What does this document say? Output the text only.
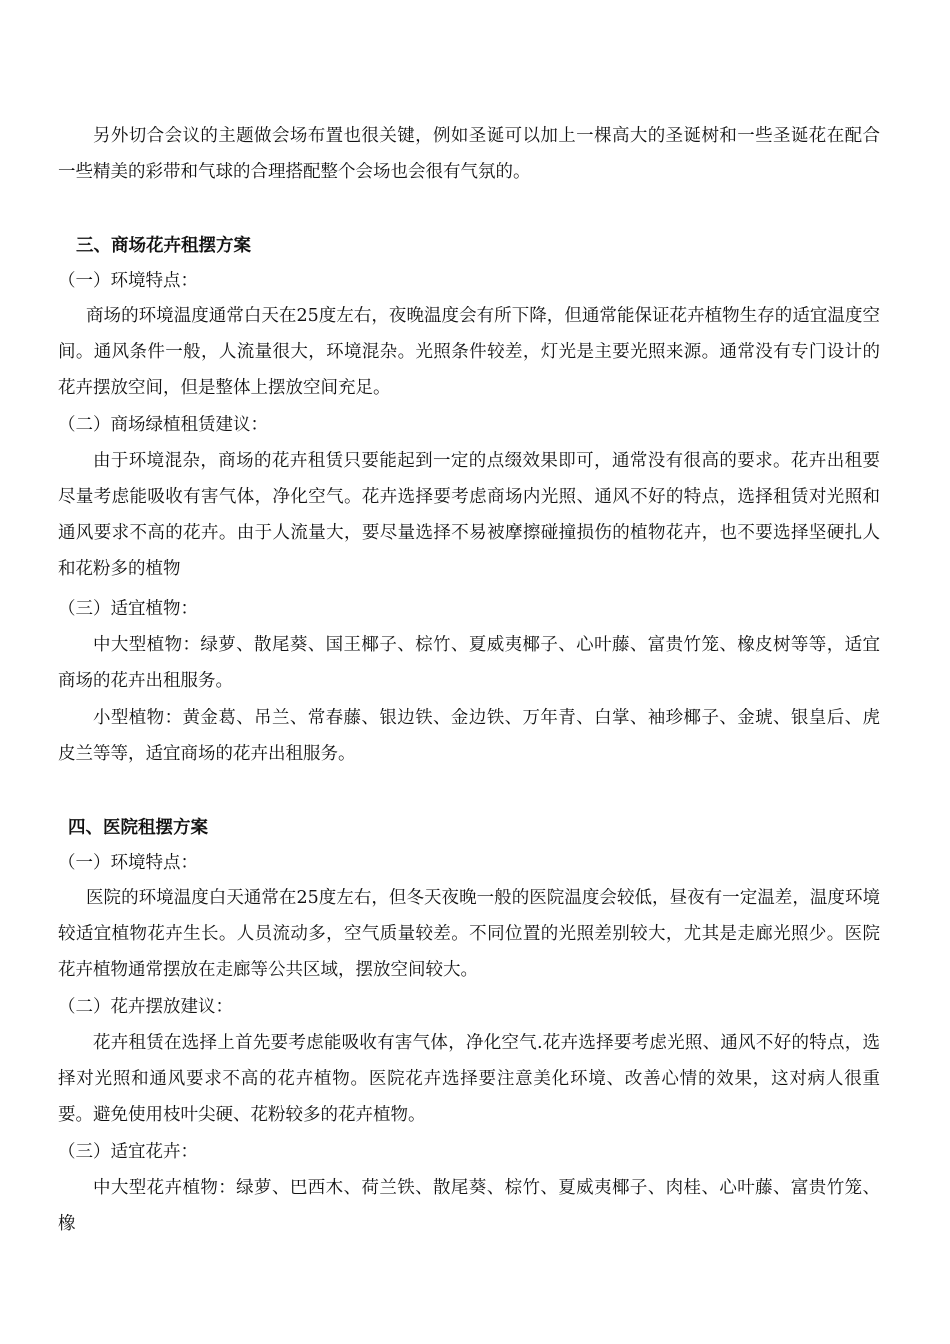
另外切合会议的主题做会场布置也很关键，例如圣诞可以加上一棵高大的圣诞树和一些圣诞花在配合一些精美的彩带和气球的合理搭配整个会场也会很有气氛的。
三、商场花卉租摆方案
（一）环境特点：
商场的环境温度通常白天在25度左右，夜晚温度会有所下降，但通常能保证花卉植物生存的适宜温度空间。通风条件一般，人流量很大，环境混杂。光照条件较差，灯光是主要光照来源。通常没有专门设计的花卉摆放空间，但是整体上摆放空间充足。
（二）商场绿植租赁建议：
由于环境混杂，商场的花卉租赁只要能起到一定的点缀效果即可，通常没有很高的要求。花卉出租要尽量考虑能吸收有害气体，净化空气。花卉选择要考虑商场内光照、通风不好的特点，选择租赁对光照和通风要求不高的花卉。由于人流量大，要尽量选择不易被摩擦碰撞损伤的植物花卉，也不要选择坚硬扎人和花粉多的植物
（三）适宜植物：
中大型植物：绿萝、散尾葵、国王椰子、棕竹、夏威夷椰子、心叶藤、富贵竹笼、橡皮树等等，适宜商场的花卉出租服务。
小型植物：黄金葛、吊兰、常春藤、银边铁、金边铁、万年青、白掌、袖珍椰子、金琥、银皇后、虎皮兰等等，适宜商场的花卉出租服务。
四、医院租摆方案
（一）环境特点：
医院的环境温度白天通常在25度左右，但冬天夜晚一般的医院温度会较低，昼夜有一定温差，温度环境较适宜植物花卉生长。人员流动多，空气质量较差。不同位置的光照差别较大，尤其是走廊光照少。医院花卉植物通常摆放在走廊等公共区域，摆放空间较大。
（二）花卉摆放建议：
花卉租赁在选择上首先要考虑能吸收有害气体，净化空气.花卉选择要考虑光照、通风不好的特点，选择对光照和通风要求不高的花卉植物。医院花卉选择要注意美化环境、改善心情的效果，这对病人很重要。避免使用枝叶尖硬、花粉较多的花卉植物。
（三）适宜花卉：
中大型花卉植物：绿萝、巴西木、荷兰铁、散尾葵、棕竹、夏威夷椰子、肉桂、心叶藤、富贵竹笼、橡
